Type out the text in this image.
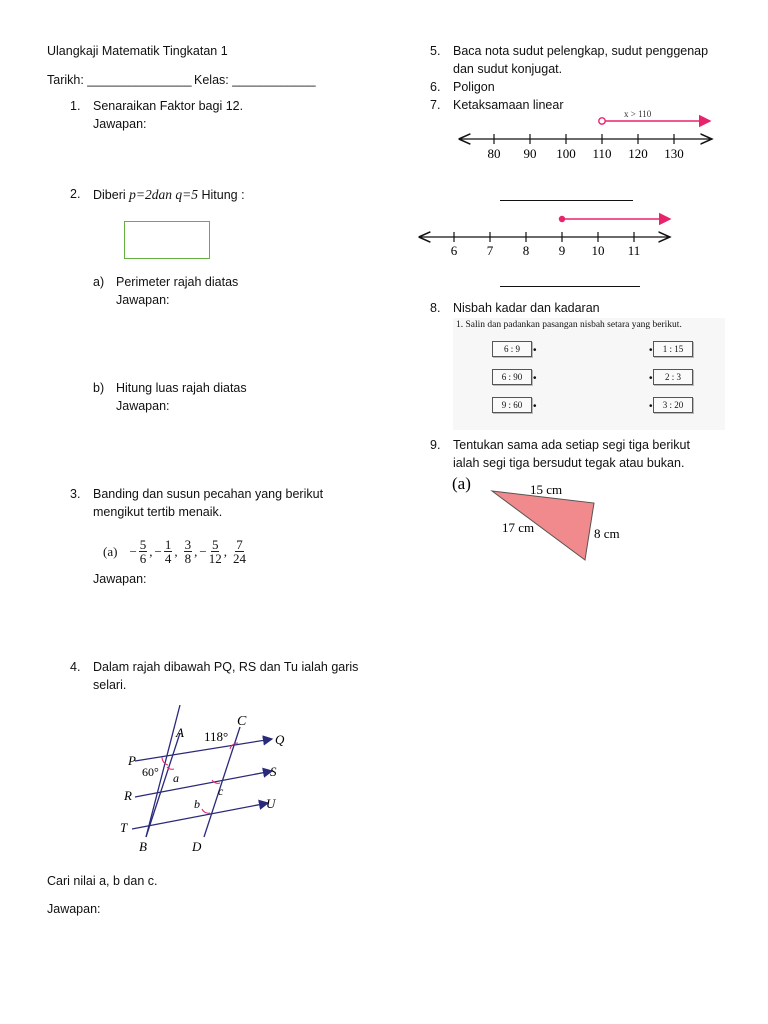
Ulangkaji Matematik Tingkatan 1
Tarikh: _______________ Kelas: ____________
1. Senaraikan Faktor bagi 12.
Jawapan:
2. Diberi p=2dan q=5 Hitung :
a) Perimeter rajah diatas
Jawapan:
b) Hitung luas rajah diatas
Jawapan:
3. Banding dan susun pecahan yang berikut
mengikut tertib menaik.
$(a) - \frac{5}{6}$ , − $\frac{1}{4}$ , $\frac{3}{8}$ , − $\frac{5}{12}$ , $\frac{7}{24}$
Jawapan:
4. Dalam rajah dibawah PQ, RS dan Tu ialah garis
selari.
A
C
118°	Q
P
60° a	S
R	c
b	U
T
B	D
Cari nilai a, b dan c.
Jawapan:
5. Baca nota sudut pelengkap, sudut penggenap
dan sudut konjugat.
6. Poligon
7. Ketaksamaan linear
x > 110
80 90 100 110 120 130
6 7 8 9 10 11
8. Nisbah kadar dan kadaran
1. Salin dan padankan pasangan nisbah setara yang berikut.
6 : 9
6 : 90
9 : 60
•
•
•
•
•
•
1 : 15
2 : 3
3 : 20
9. Tentukan sama ada setiap segi tiga berikut
ialah segi tiga bersudut tegak atau bukan.
(a)	15 cm
17 cm	8 cm
